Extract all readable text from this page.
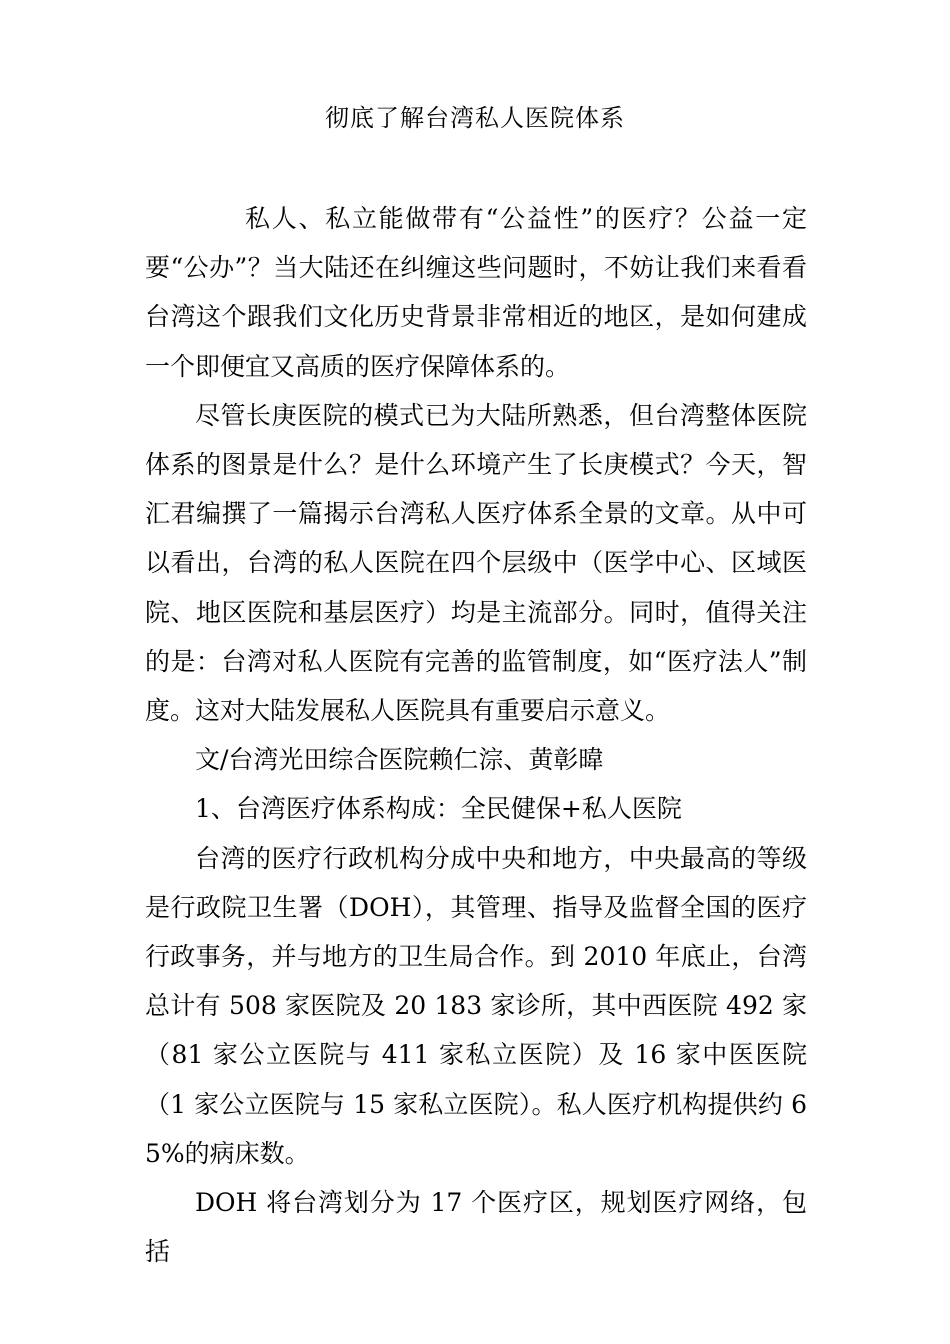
彻底了解台湾私人医院体系

私人、私立能做带有“公益性”的医疗？公益一定要“公办”？当大陆还在纠缠这些问题时，不妨让我们来看看台湾这个跟我们文化历史背景非常相近的地区，是如何建成一个即便宜又高质的医疗保障体系的。

尽管长庚医院的模式已为大陆所熟悉，但台湾整体医院体系的图景是什么？是什么环境产生了长庚模式？今天，智汇君编撰了一篇揭示台湾私人医疗体系全景的文章。从中可以看出，台湾的私人医院在四个层级中（医学中心、区域医院、地区医院和基层医疗）均是主流部分。同时，值得关注的是：台湾对私人医院有完善的监管制度，如“医疗法人”制度。这对大陆发展私人医院具有重要启示意义。

文/台湾光田综合医院赖仁淙、黄彰暐

1、台湾医疗体系构成：全民健保+私人医院

台湾的医疗行政机构分成中央和地方，中央最高的等级是行政院卫生署（DOH），其管理、指导及监督全国的医疗行政事务，并与地方的卫生局合作。到 2010 年底止，台湾总计有 508 家医院及 20 183 家诊所，其中西医院 492 家（81 家公立医院与 411 家私立医院）及 16 家中医医院（1 家公立医院与 15 家私立医院）。私人医疗机构提供约 65%的病床数。

DOH 将台湾划分为 17 个医疗区，规划医疗网络，包括
